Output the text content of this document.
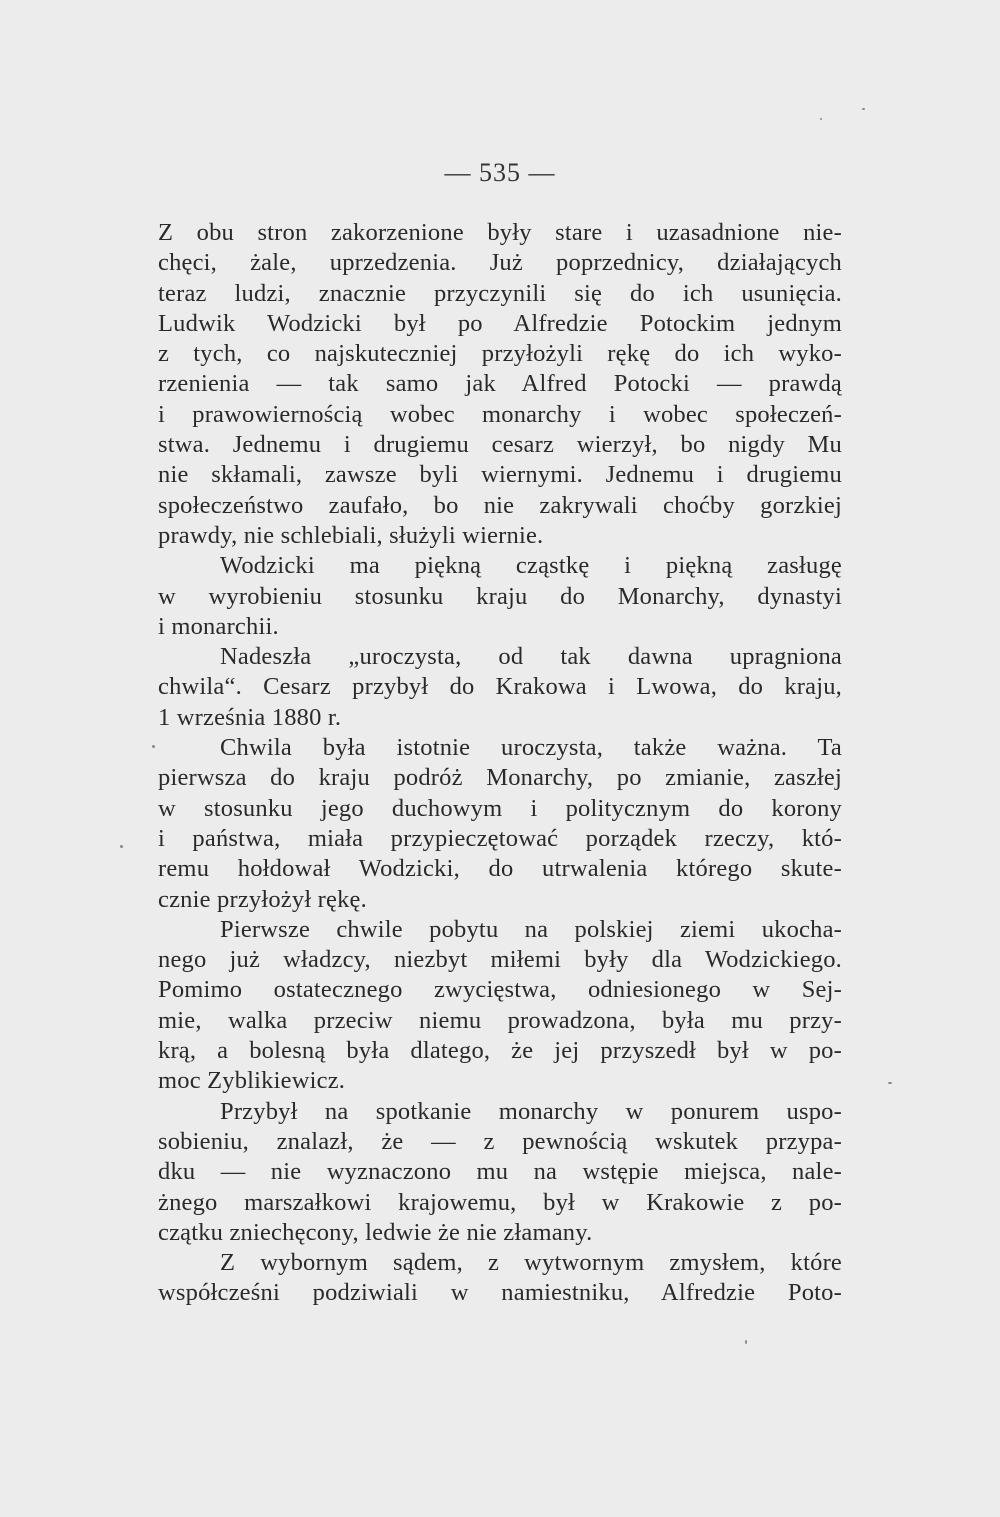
— 535 —

Z obu stron zakorzenione były stare i uzasadnione nie-
chęci, żale, uprzedzenia. Już poprzednicy, działających
teraz ludzi, znacznie przyczynili się do ich usunięcia.
Ludwik Wodzicki był po Alfredzie Potockim jednym
z tych, co najskuteczniej przyłożyli rękę do ich wyko-
rzenienia — tak samo jak Alfred Potocki — prawdą
i prawowiernością wobec monarchy i wobec społeczeń-
stwa. Jednemu i drugiemu cesarz wierzył, bo nigdy Mu
nie skłamali, zawsze byli wiernymi. Jednemu i drugiemu
społeczeństwo zaufało, bo nie zakrywali choćby gorzkiej
prawdy, nie schlebiali, służyli wiernie.
Wodzicki ma piękną cząstkę i piękną zasługę
w wyrobieniu stosunku kraju do Monarchy, dynastyi
i monarchii.
Nadeszła „uroczysta, od tak dawna upragniona
chwila“. Cesarz przybył do Krakowa i Lwowa, do kraju,
1 września 1880 r.
Chwila była istotnie uroczysta, także ważna. Ta
pierwsza do kraju podróż Monarchy, po zmianie, zaszłej
w stosunku jego duchowym i politycznym do korony
i państwa, miała przypieczętować porządek rzeczy, któ-
remu hołdował Wodzicki, do utrwalenia którego skute-
cznie przyłożył rękę.
Pierwsze chwile pobytu na polskiej ziemi ukocha-
nego już władzcy, niezbyt miłemi były dla Wodzickiego.
Pomimo ostatecznego zwycięstwa, odniesionego w Sej-
mie, walka przeciw niemu prowadzona, była mu przy-
krą, a bolesną była dlatego, że jej przyszedł był w po-
moc Zyblikiewicz.
Przybył na spotkanie monarchy w ponurem uspo-
sobieniu, znalazł, że — z pewnością wskutek przypa-
dku — nie wyznaczono mu na wstępie miejsca, nale-
żnego marszałkowi krajowemu, był w Krakowie z po-
czątku zniechęcony, ledwie że nie złamany.
Z wybornym sądem, z wytwornym zmysłem, które
współcześni podziwiali w namiestniku, Alfredzie Poto-
